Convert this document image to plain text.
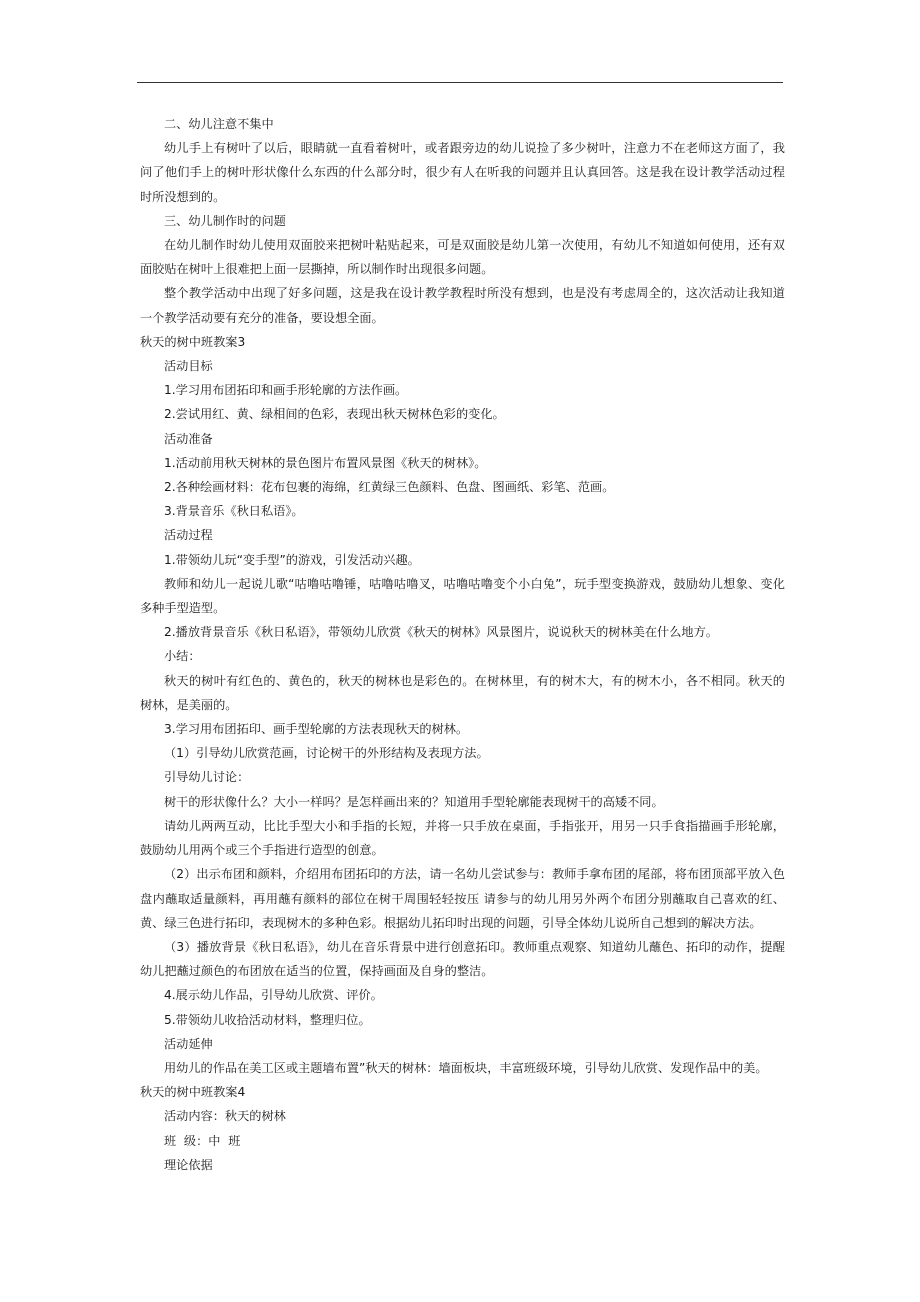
二、幼儿注意不集中

幼儿手上有树叶了以后，眼睛就一直看着树叶，或者跟旁边的幼儿说捡了多少树叶，注意力不在老师这方面了，我问了他们手上的树叶形状像什么东西的什么部分时，很少有人在听我的问题并且认真回答。这是我在设计教学活动过程时所没想到的。

三、幼儿制作时的问题

在幼儿制作时幼儿使用双面胶来把树叶粘贴起来，可是双面胶是幼儿第一次使用，有幼儿不知道如何使用，还有双面胶贴在树叶上很难把上面一层撕掉，所以制作时出现很多问题。

整个教学活动中出现了好多问题，这是我在设计教学教程时所没有想到，也是没有考虑周全的，这次活动让我知道一个教学活动要有充分的准备，要设想全面。

秋天的树中班教案3

活动目标

1.学习用布团拓印和画手形轮廓的方法作画。

2.尝试用红、黄、绿相间的色彩，表现出秋天树林色彩的变化。

活动准备

1.活动前用秋天树林的景色图片布置风景图《秋天的树林》。

2.各种绘画材料：花布包裹的海绵，红黄绿三色颜料、色盘、图画纸、彩笔、范画。

3.背景音乐《秋日私语》。

活动过程

1.带领幼儿玩“变手型”的游戏，引发活动兴趣。

教师和幼儿一起说儿歌“咕噜咕噜锤，咕噜咕噜叉，咕噜咕噜变个小白兔”，玩手型变换游戏，鼓励幼儿想象、变化多种手型造型。

2.播放背景音乐《秋日私语》，带领幼儿欣赏《秋天的树林》风景图片，说说秋天的树林美在什么地方。

小结：

秋天的树叶有红色的、黄色的，秋天的树林也是彩色的。在树林里，有的树木大，有的树木小，各不相同。秋天的树林，是美丽的。

3.学习用布团拓印、画手型轮廓的方法表现秋天的树林。

（1）引导幼儿欣赏范画，讨论树干的外形结构及表现方法。

引导幼儿讨论：

树干的形状像什么？大小一样吗？是怎样画出来的？知道用手型轮廓能表现树干的高矮不同。

请幼儿两两互动，比比手型大小和手指的长短，并将一只手放在桌面，手指张开，用另一只手食指描画手形轮廓，鼓励幼儿用两个或三个手指进行造型的创意。

（2）出示布团和颜料，介绍用布团拓印的方法，请一名幼儿尝试参与：教师手拿布团的尾部，将布团顶部平放入色盘内蘸取适量颜料，再用蘸有颜料的部位在树干周围轻轻按压 请参与的幼儿用另外两个布团分别蘸取自己喜欢的红、黄、绿三色进行拓印，表现树木的多种色彩。根据幼儿拓印时出现的问题，引导全体幼儿说所自己想到的解决方法。

（3）播放背景《秋日私语》，幼儿在音乐背景中进行创意拓印。教师重点观察、知道幼儿蘸色、拓印的动作，提醒幼儿把蘸过颜色的布团放在适当的位置，保持画面及自身的整洁。

4.展示幼儿作品，引导幼儿欣赏、评价。

5.带领幼儿收拾活动材料，整理归位。

活动延伸

用幼儿的作品在美工区或主题墙布置”秋天的树林：墙面板块，丰富班级环境，引导幼儿欣赏、发现作品中的美。

秋天的树中班教案4

活动内容：秋天的树林

班  级：中  班

理论依据
